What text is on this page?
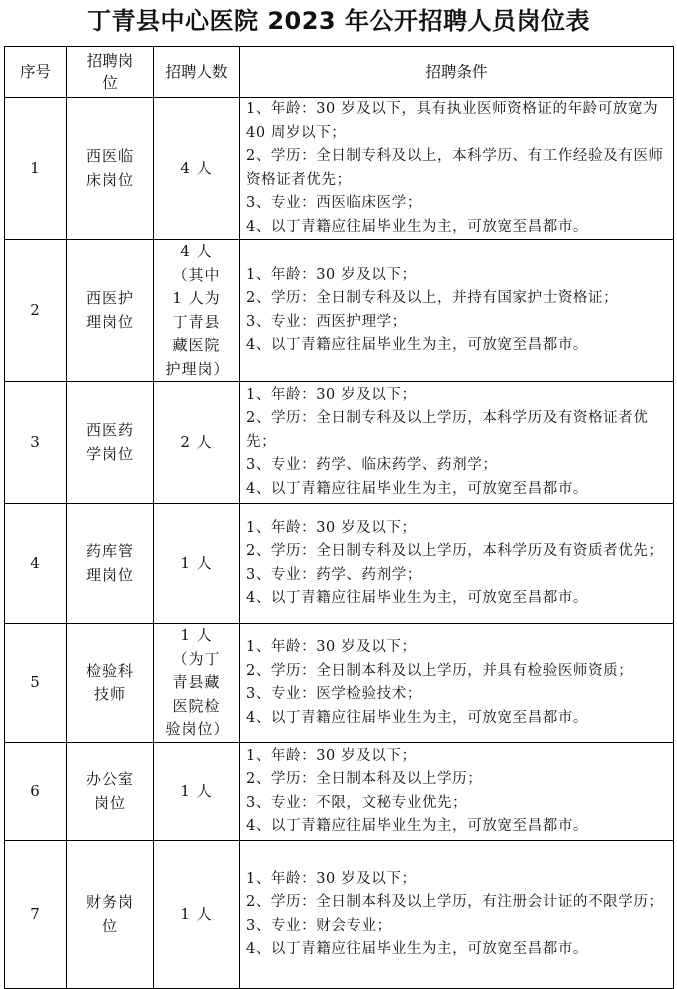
丁青县中心医院 2023 年公开招聘人员岗位表
序号	招聘岗位	招聘人数	招聘条件

1	西医临床岗位	4 人	1、年龄：30 岁及以下，具有执业医师资格证的年龄可放宽为 40 周岁以下；
2、学历：全日制专科及以上，本科学历、有工作经验及有医师资格证者优先；
3、专业：西医临床医学；
4、以丁青籍应往届毕业生为主，可放宽至昌都市。

2	西医护理岗位	4 人（其中 1 人为丁青县藏医院护理岗）	1、年龄：30 岁及以下；
2、学历：全日制专科及以上，并持有国家护士资格证；
3、专业：西医护理学；
4、以丁青籍应往届毕业生为主，可放宽至昌都市。

3	西医药学岗位	2 人	1、年龄：30 岁及以下；
2、学历：全日制专科及以上学历，本科学历及有资格证者优先；
3、专业：药学、临床药学、药剂学；
4、以丁青籍应往届毕业生为主，可放宽至昌都市。

4	药库管理岗位	1 人	1、年龄：30 岁及以下；
2、学历：全日制专科及以上学历，本科学历及有资质者优先；
3、专业：药学、药剂学；
4、以丁青籍应往届毕业生为主，可放宽至昌都市。

5	检验科技师	1 人（为丁青县藏医院检验岗位）	1、年龄：30 岁及以下；
2、学历：全日制本科及以上学历，并具有检验医师资质；
3、专业：医学检验技术；
4、以丁青籍应往届毕业生为主，可放宽至昌都市。

6	办公室岗位	1 人	1、年龄：30 岁及以下；
2、学历：全日制本科及以上学历；
3、专业：不限，文秘专业优先；
4、以丁青籍应往届毕业生为主，可放宽至昌都市。

7	财务岗位	1 人	1、年龄：30 岁及以下；
2、学历：全日制本科及以上学历，有注册会计证的不限学历；
3、专业：财会专业；
4、以丁青籍应往届毕业生为主，可放宽至昌都市。
